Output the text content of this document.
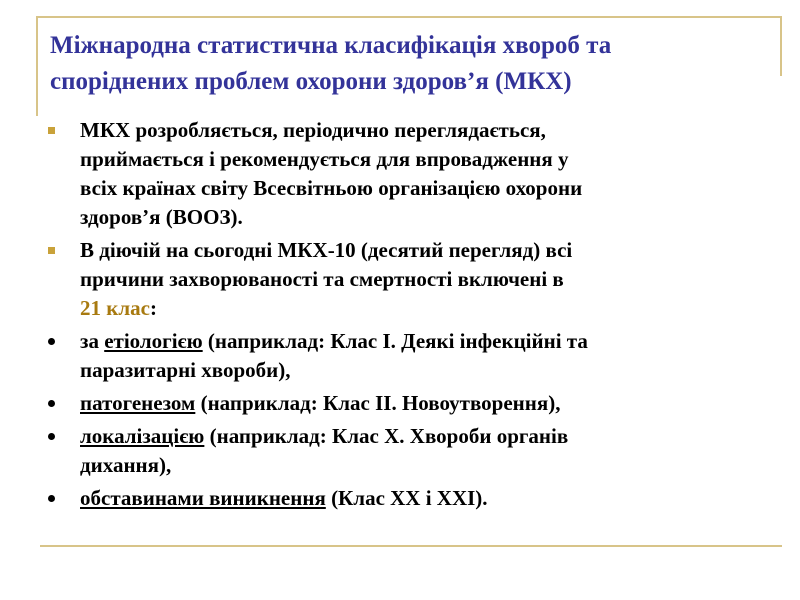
Міжнародна статистична класифікація хвороб та
споріднених проблем охорони здоров’я (МКХ)
МКХ розробляється, періодично переглядається,
приймається і рекомендується для впровадження у
всіх країнах світу Всесвітньою організацією охорони
здоров’я (ВООЗ).
В діючій на сьогодні МКХ-10 (десятий перегляд) всі
причини захворюваності та смертності включені в
21 клас:
за етіологією (наприклад: Клас І. Деякі інфекційні та
паразитарні хвороби),
патогенезом (наприклад: Клас ІІ. Новоутворення),
локалізацією (наприклад: Клас Х. Хвороби органів
дихання),
обставинами виникнення (Клас ХХ і ХХІ).
